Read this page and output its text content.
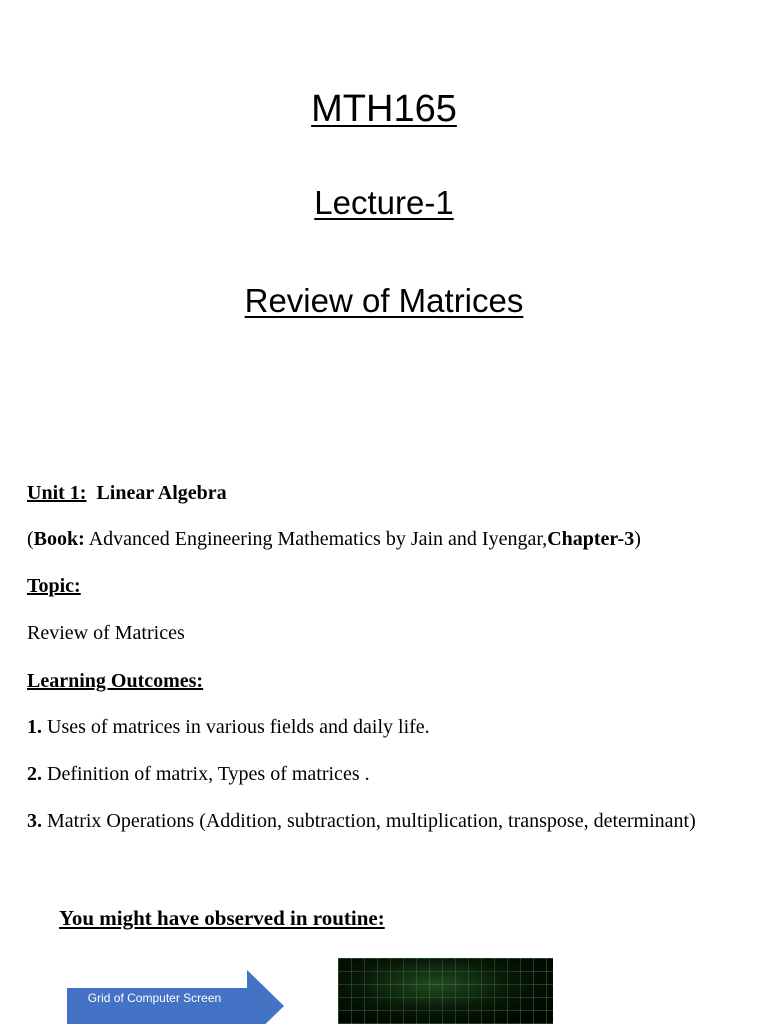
MTH165
Lecture-1
Review of Matrices

Unit 1: Linear Algebra

(Book: Advanced Engineering Mathematics by Jain and Iyengar,Chapter-3)

Topic:

Review of Matrices

Learning Outcomes:

1. Uses of matrices in various fields and daily life.

2. Definition of matrix, Types of matrices .

3. Matrix Operations (Addition, subtraction, multiplication, transpose, determinant)

You might have observed in routine:

Grid of Computer Screen
